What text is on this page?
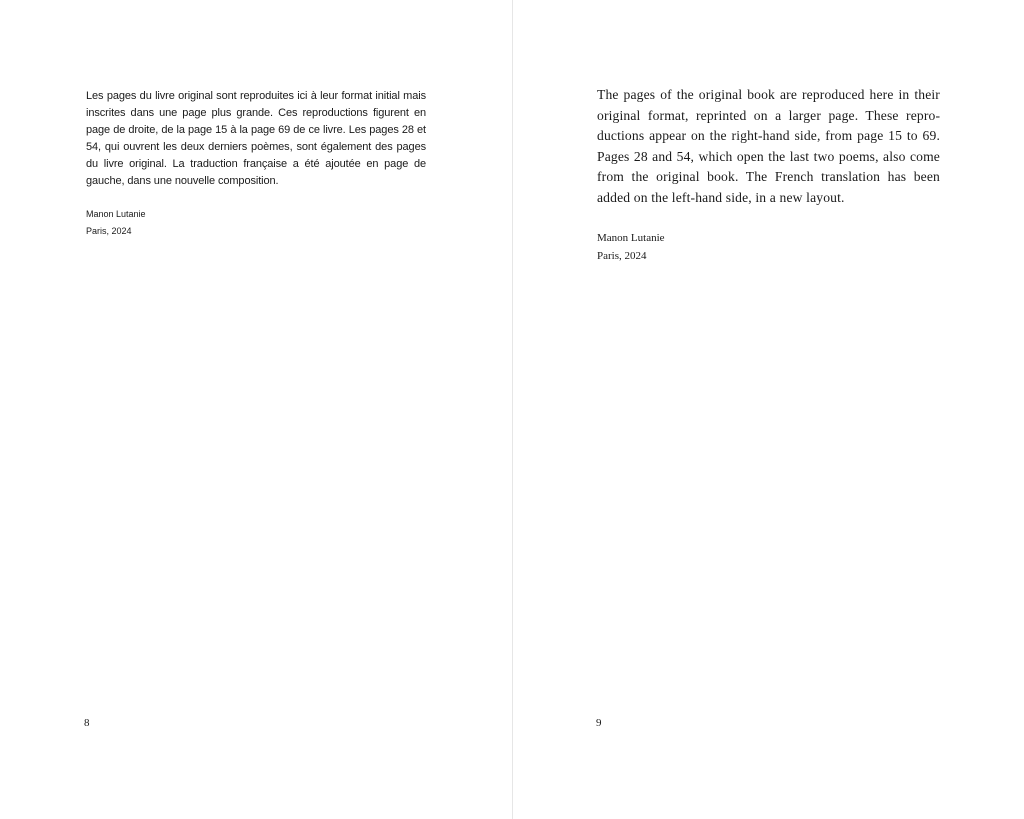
Les pages du livre original sont reproduites ici à leur format initial mais inscrites dans une page plus grande. Ces reproductions figurent en page de droite, de la page 15 à la page 69 de ce livre. Les pages 28 et 54, qui ouvrent les deux derniers poèmes, sont également des pages du livre original. La traduction française a été ajoutée en page de gauche, dans une nouvelle composition.

Manon Lutanie
Paris, 2024
8

The pages of the original book are reproduced here in their original format, reprinted on a larger page. These reproductions appear on the right-hand side, from page 15 to 69. Pages 28 and 54, which open the last two poems, also come from the original book. The French translation has been added on the left-hand side, in a new layout.

Manon Lutanie
Paris, 2024
9
